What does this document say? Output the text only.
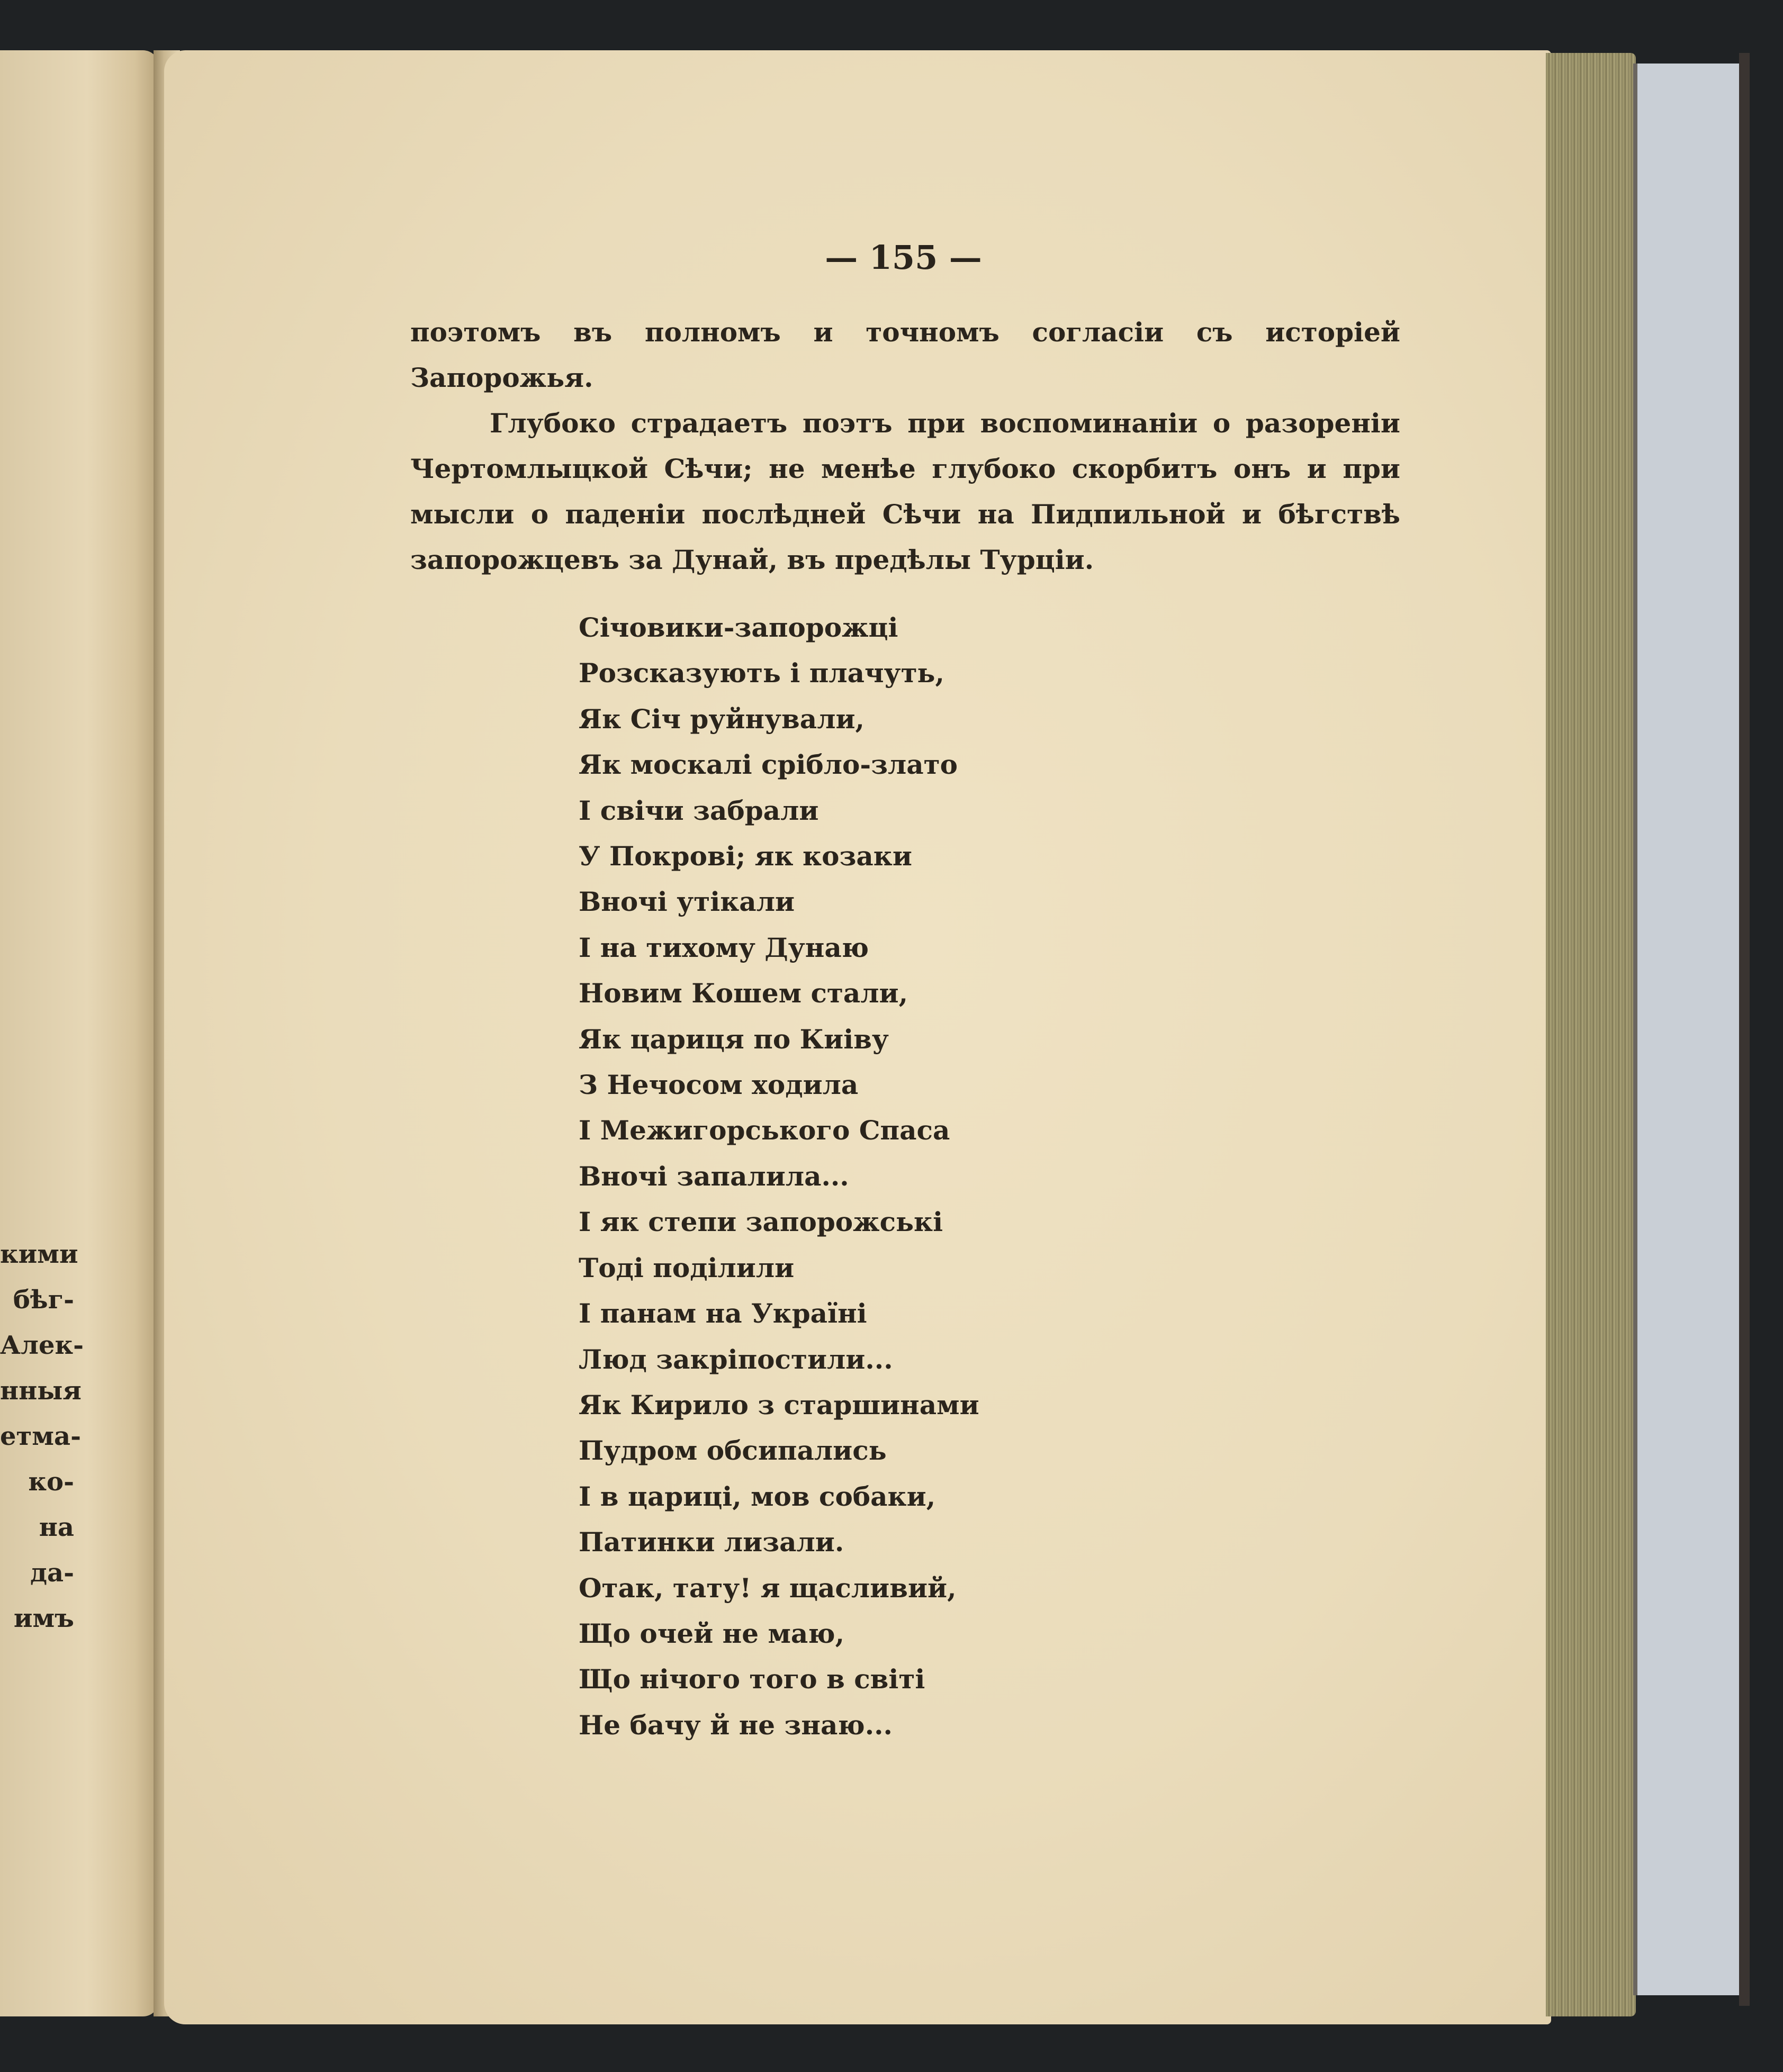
кими
бѣг-
Алек-
нныя
етма-
ко-
на
да-
имъ
— 155 —

поэтомъ въ полномъ и точномъ согласіи съ исторіей Запорожья.

Глубоко страдаетъ поэтъ при воспоминаніи о разореніи Чертомлыцкой Сѣчи; не менѣе глубоко скорбитъ онъ и при мысли о паденіи послѣдней Сѣчи на Пидпильной и бѣгствѣ запорожцевъ за Дунай, въ предѣлы Турціи.

Січовики-запорожці
Розсказують і плачуть,
Як Січ руйнували,
Як москалі срібло-злато
І свічи забрали
У Покрові; як козаки
Вночі утікали
І на тихому Дунаю
Новим Кошем стали,
Як цариця по Киіву
З Нечосом ходила
І Межигорського Спаса
Вночі запалила...
І як степи запорожські
Тоді поділили
І панам на Україні
Люд закріпостили...
Як Кирило з старшинами
Пудром обсипались
І в цариці, мов собаки,
Патинки лизали.
Отак, тату! я щасливий,
Що очей не маю,
Що нічого того в світі
Не бачу й не знаю...
